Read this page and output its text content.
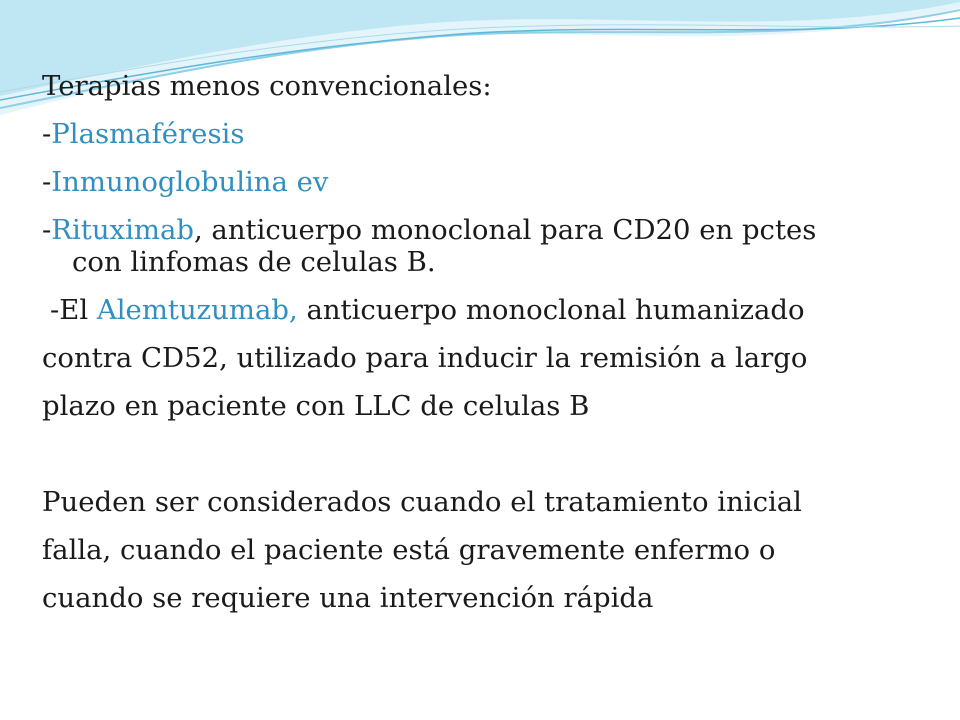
Terapias menos convencionales:
-Plasmaféresis
-Inmunoglobulina ev
-Rituximab, anticuerpo monoclonal para CD20 en pctes
con linfomas de celulas B.
-El Alemtuzumab, anticuerpo monoclonal humanizado
contra CD52, utilizado para inducir la remisión a largo
plazo en paciente con LLC de celulas B
Pueden ser considerados cuando el tratamiento inicial
falla, cuando el paciente está gravemente enfermo o
cuando se requiere una intervención rápida
